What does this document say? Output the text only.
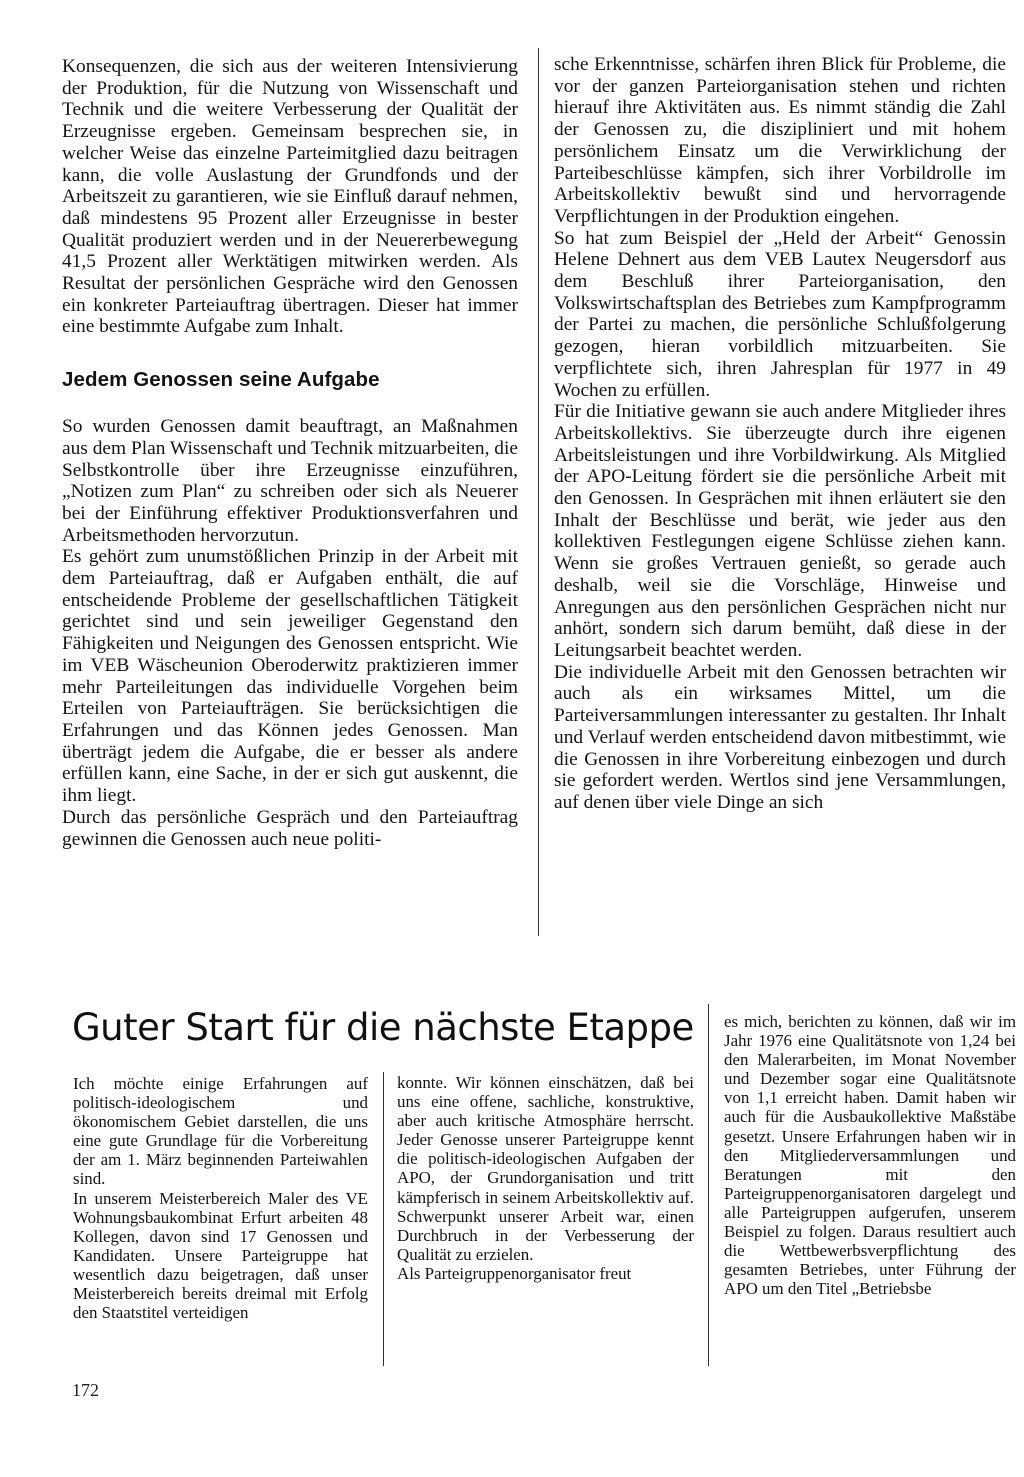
Konsequenzen, die sich aus der weiteren Intensivierung der Produktion, für die Nutzung von Wissenschaft und Technik und die weitere Verbesserung der Qualität der Erzeugnisse ergeben. Gemeinsam besprechen sie, in welcher Weise das einzelne Parteimitglied dazu beitragen kann, die volle Auslastung der Grundfonds und der Arbeitszeit zu garantieren, wie sie Einfluß darauf nehmen, daß mindestens 95 Prozent aller Erzeugnisse in bester Qualität produziert werden und in der Neuererbewegung 41,5 Prozent aller Werktätigen mitwirken werden. Als Resultat der persönlichen Gespräche wird den Genossen ein konkreter Parteiauftrag übertragen. Dieser hat immer eine bestimmte Aufgabe zum Inhalt.

Jedem Genossen seine Aufgabe

So wurden Genossen damit beauftragt, an Maßnahmen aus dem Plan Wissenschaft und Technik mitzuarbeiten, die Selbstkontrolle über ihre Erzeugnisse einzuführen, „Notizen zum Plan“ zu schreiben oder sich als Neuerer bei der Einführung effektiver Produktionsverfahren und Arbeitsmethoden hervorzutun.

Es gehört zum unumstößlichen Prinzip in der Arbeit mit dem Parteiauftrag, daß er Aufgaben enthält, die auf entscheidende Probleme der gesellschaftlichen Tätigkeit gerichtet sind und sein jeweiliger Gegenstand den Fähigkeiten und Neigungen des Genossen entspricht. Wie im VEB Wäscheunion Oberoderwitz praktizieren immer mehr Parteileitungen das individuelle Vorgehen beim Erteilen von Parteiaufträgen. Sie berücksichtigen die Erfahrungen und das Können jedes Genossen. Man überträgt jedem die Aufgabe, die er besser als andere erfüllen kann, eine Sache, in der er sich gut auskennt, die ihm liegt.

Durch das persönliche Gespräch und den Parteiauftrag gewinnen die Genossen auch neue politi-

sche Erkenntnisse, schärfen ihren Blick für Probleme, die vor der ganzen Parteiorganisation stehen und richten hierauf ihre Aktivitäten aus. Es nimmt ständig die Zahl der Genossen zu, die diszipliniert und mit hohem persönlichem Einsatz um die Verwirklichung der Parteibeschlüsse kämpfen, sich ihrer Vorbildrolle im Arbeitskollektiv bewußt sind und hervorragende Verpflichtungen in der Produktion eingehen.

So hat zum Beispiel der „Held der Arbeit“ Genossin Helene Dehnert aus dem VEB Lautex Neugersdorf aus dem Beschluß ihrer Parteiorganisation, den Volkswirtschaftsplan des Betriebes zum Kampfprogramm der Partei zu machen, die persönliche Schlußfolgerung gezogen, hieran vorbildlich mitzuarbeiten. Sie verpflichtete sich, ihren Jahresplan für 1977 in 49 Wochen zu erfüllen.

Für die Initiative gewann sie auch andere Mitglieder ihres Arbeitskollektivs. Sie überzeugte durch ihre eigenen Arbeitsleistungen und ihre Vorbildwirkung. Als Mitglied der APO-Leitung fördert sie die persönliche Arbeit mit den Genossen. In Gesprächen mit ihnen erläutert sie den Inhalt der Beschlüsse und berät, wie jeder aus den kollektiven Festlegungen eigene Schlüsse ziehen kann. Wenn sie großes Vertrauen genießt, so gerade auch deshalb, weil sie die Vorschläge, Hinweise und Anregungen aus den persönlichen Gesprächen nicht nur anhört, sondern sich darum bemüht, daß diese in der Leitungsarbeit beachtet werden.

Die individuelle Arbeit mit den Genossen betrachten wir auch als ein wirksames Mittel, um die Parteiversammlungen interessanter zu gestalten. Ihr Inhalt und Verlauf werden entscheidend davon mitbestimmt, wie die Genossen in ihre Vorbereitung einbezogen und durch sie gefordert werden. Wertlos sind jene Versammlungen, auf denen über viele Dinge an sich

Guter Start für die nächste Etappe

Ich möchte einige Erfahrungen auf politisch-ideologischem und ökonomischem Gebiet darstellen, die uns eine gute Grundlage für die Vorbereitung der am 1. März beginnenden Parteiwahlen sind.

In unserem Meisterbereich Maler des VE Wohnungsbaukombinat Erfurt arbeiten 48 Kollegen, davon sind 17 Genossen und Kandidaten. Unsere Parteigruppe hat wesentlich dazu beigetragen, daß unser Meisterbereich bereits dreimal mit Erfolg den Staatstitel verteidigen

konnte. Wir können einschätzen, daß bei uns eine offene, sachliche, konstruktive, aber auch kritische Atmosphäre herrscht. Jeder Genosse unserer Parteigruppe kennt die politisch-ideologischen Aufgaben der APO, der Grundorganisation und tritt kämpferisch in seinem Arbeitskollektiv auf. Schwerpunkt unserer Arbeit war, einen Durchbruch in der Verbesserung der Qualität zu erzielen.

Als Parteigruppenorganisator freut

es mich, berichten zu können, daß wir im Jahr 1976 eine Qualitätsnote von 1,24 bei den Malerarbeiten, im Monat November und Dezember sogar eine Qualitätsnote von 1,1 erreicht haben. Damit haben wir auch für die Ausbaukollektive Maßstäbe gesetzt. Unsere Erfahrungen haben wir in den Mitgliederversammlungen und Beratungen mit den Parteigruppenorganisatoren dargelegt und alle Parteigruppen aufgerufen, unserem Beispiel zu folgen. Daraus resultiert auch die Wettbewerbsverpflichtung des gesamten Betriebes, unter Führung der APO um den Titel „Betriebsbe

172
